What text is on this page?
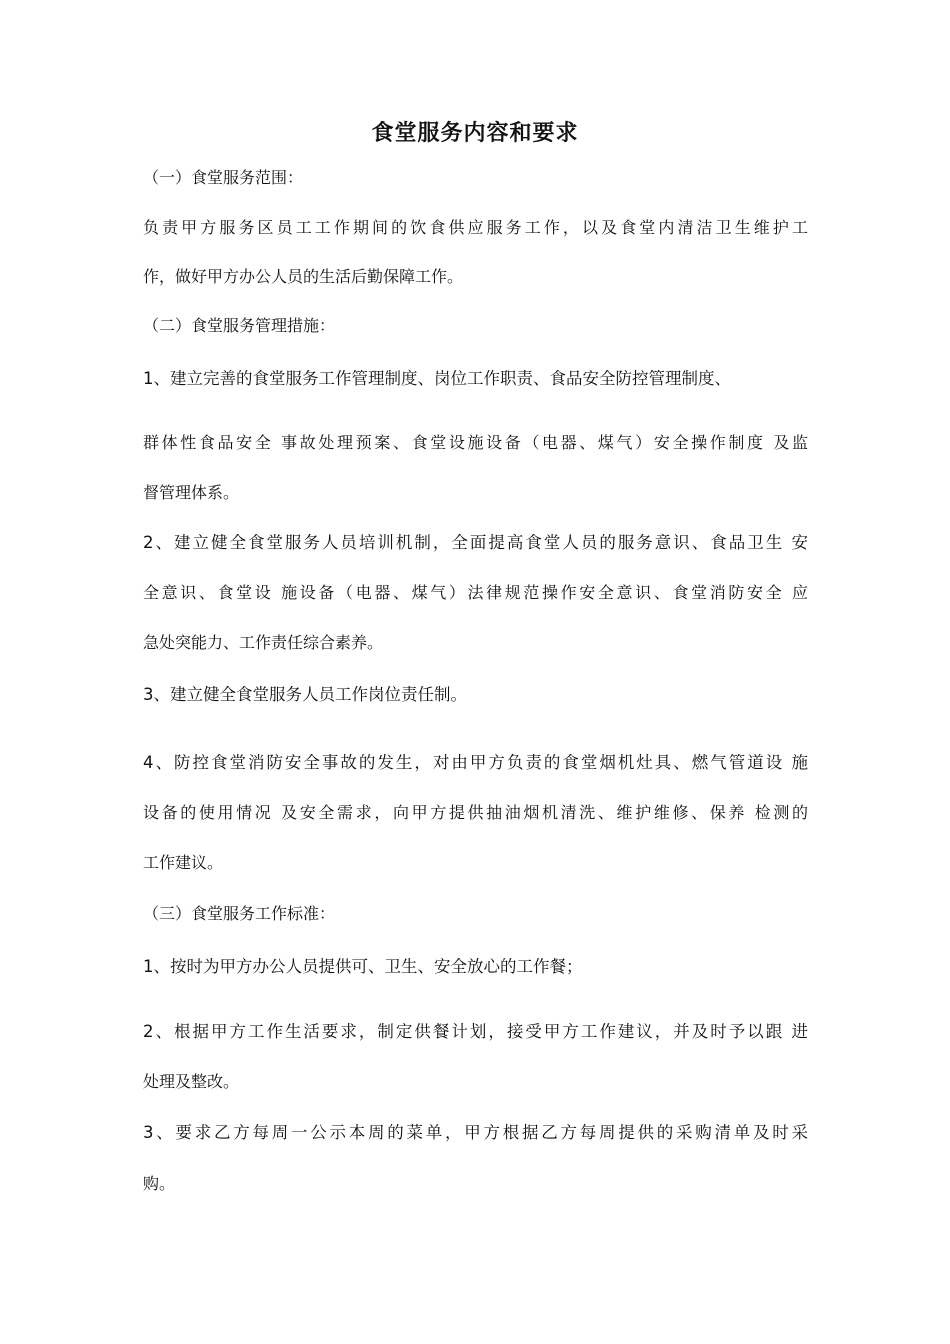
食堂服务内容和要求
（一）食堂服务范围：
负责甲方服务区员工工作期间的饮食供应服务工作，以及食堂内清洁卫生维护工
作，做好甲方办公人员的生活后勤保障工作。
（二）食堂服务管理措施：
1、建立完善的食堂服务工作管理制度、岗位工作职责、食品安全防控管理制度、
群体性食品安全 事故处理预案、食堂设施设备（电器、煤气）安全操作制度 及监
督管理体系。
2、建立健全食堂服务人员培训机制，全面提高食堂人员的服务意识、食品卫生 安
全意识、食堂设 施设备（电器、煤气）法律规范操作安全意识、食堂消防安全 应
急处突能力、工作责任综合素养。
3、建立健全食堂服务人员工作岗位责任制。
4、防控食堂消防安全事故的发生，对由甲方负责的食堂烟机灶具、燃气管道设 施
设备的使用情况 及安全需求，向甲方提供抽油烟机清洗、维护维修、保养 检测的
工作建议。
（三）食堂服务工作标准：
1、按时为甲方办公人员提供可、卫生、安全放心的工作餐；
2、根据甲方工作生活要求，制定供餐计划，接受甲方工作建议，并及时予以跟 进
处理及整改。
3、要求乙方每周一公示本周的菜单，甲方根据乙方每周提供的采购清单及时采
购。
